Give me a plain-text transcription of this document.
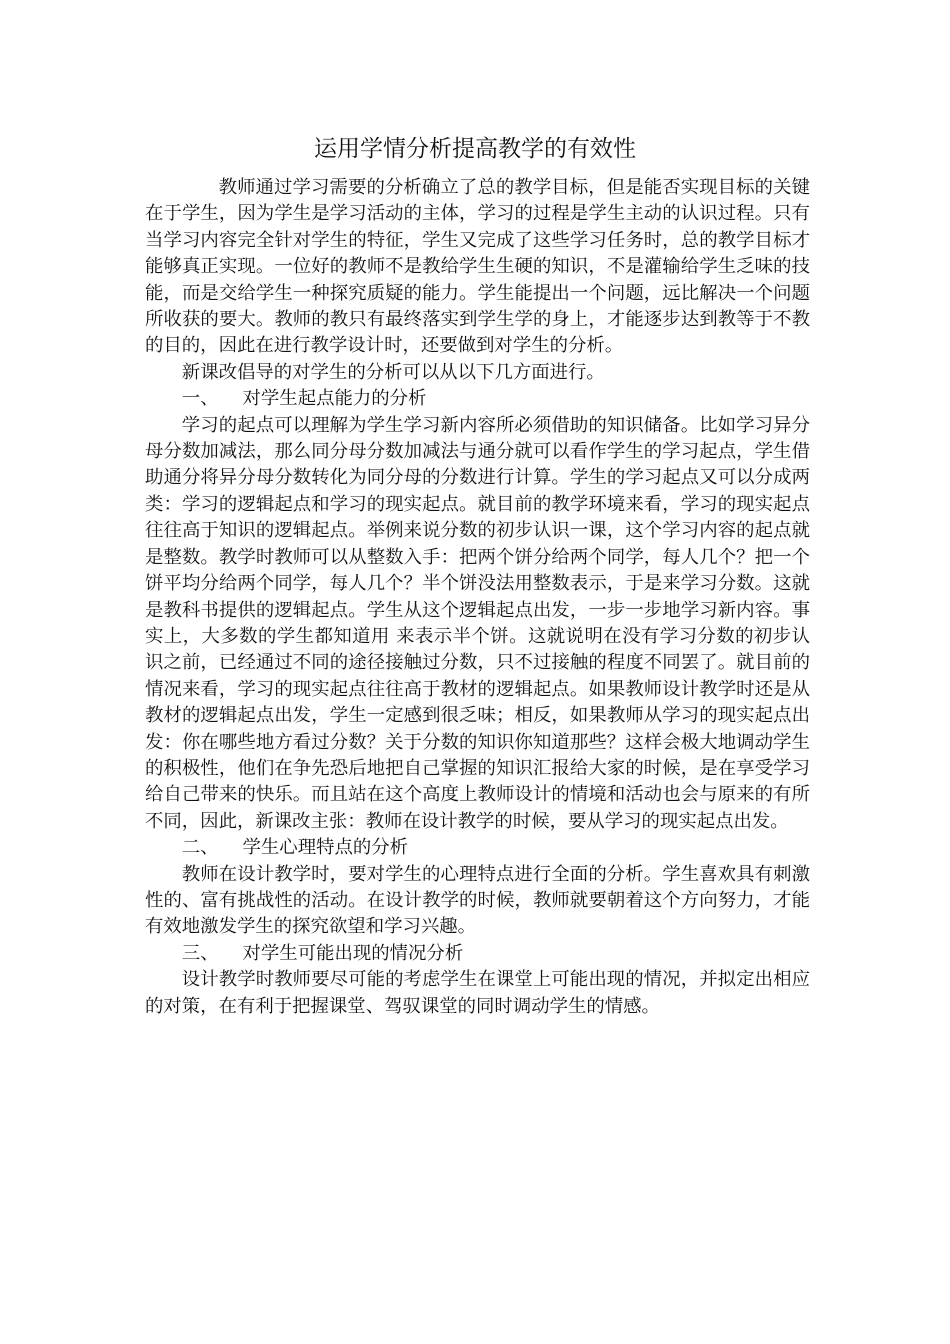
运用学情分析提高教学的有效性

教师通过学习需要的分析确立了总的教学目标，但是能否实现目标的关键在于学生，因为学生是学习活动的主体，学习的过程是学生主动的认识过程。只有当学习内容完全针对学生的特征，学生又完成了这些学习任务时，总的教学目标才能够真正实现。一位好的教师不是教给学生生硬的知识，不是灌输给学生乏味的技能，而是交给学生一种探究质疑的能力。学生能提出一个问题，远比解决一个问题所收获的要大。教师的教只有最终落实到学生学的身上，才能逐步达到教等于不教的目的，因此在进行教学设计时，还要做到对学生的分析。

新课改倡导的对学生的分析可以从以下几方面进行。

一、 对学生起点能力的分析

学习的起点可以理解为学生学习新内容所必须借助的知识储备。比如学习异分母分数加减法，那么同分母分数加减法与通分就可以看作学生的学习起点，学生借助通分将异分母分数转化为同分母的分数进行计算。学生的学习起点又可以分成两类：学习的逻辑起点和学习的现实起点。就目前的教学环境来看，学习的现实起点往往高于知识的逻辑起点。举例来说分数的初步认识一课，这个学习内容的起点就是整数。教学时教师可以从整数入手：把两个饼分给两个同学，每人几个？把一个饼平均分给两个同学，每人几个？半个饼没法用整数表示，于是来学习分数。这就是教科书提供的逻辑起点。学生从这个逻辑起点出发，一步一步地学习新内容。事实上，大多数的学生都知道用 来表示半个饼。这就说明在没有学习分数的初步认识之前，已经通过不同的途径接触过分数，只不过接触的程度不同罢了。就目前的情况来看，学习的现实起点往往高于教材的逻辑起点。如果教师设计教学时还是从教材的逻辑起点出发，学生一定感到很乏味；相反，如果教师从学习的现实起点出发：你在哪些地方看过分数？关于分数的知识你知道那些？这样会极大地调动学生的积极性，他们在争先恐后地把自己掌握的知识汇报给大家的时候，是在享受学习给自己带来的快乐。而且站在这个高度上教师设计的情境和活动也会与原来的有所不同，因此，新课改主张：教师在设计教学的时候，要从学习的现实起点出发。

二、 学生心理特点的分析

教师在设计教学时，要对学生的心理特点进行全面的分析。学生喜欢具有刺激性的、富有挑战性的活动。在设计教学的时候，教师就要朝着这个方向努力，才能有效地激发学生的探究欲望和学习兴趣。

三、 对学生可能出现的情况分析

设计教学时教师要尽可能的考虑学生在课堂上可能出现的情况，并拟定出相应的对策，在有利于把握课堂、驾驭课堂的同时调动学生的情感。
